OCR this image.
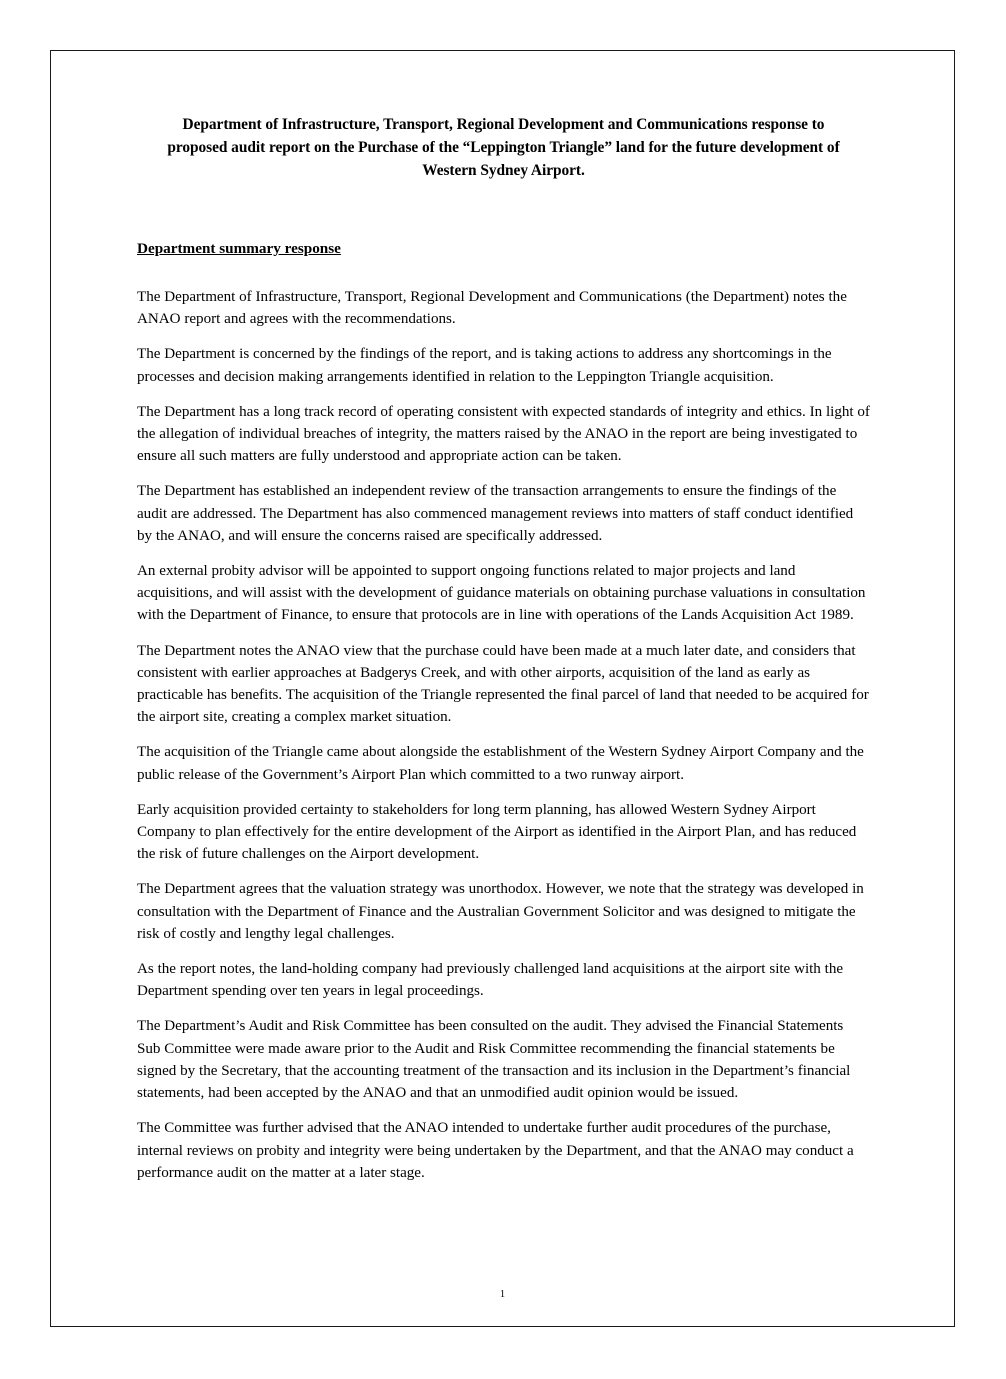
Department of Infrastructure, Transport, Regional Development and Communications response to proposed audit report on the Purchase of the “Leppington Triangle” land for the future development of Western Sydney Airport.
Department summary response

The Department of Infrastructure, Transport, Regional Development and Communications (the Department) notes the ANAO report and agrees with the recommendations.

The Department is concerned by the findings of the report, and is taking actions to address any shortcomings in the processes and decision making arrangements identified in relation to the Leppington Triangle acquisition.

The Department has a long track record of operating consistent with expected standards of integrity and ethics. In light of the allegation of individual breaches of integrity, the matters raised by the ANAO in the report are being investigated to ensure all such matters are fully understood and appropriate action can be taken.

The Department has established an independent review of the transaction arrangements to ensure the findings of the audit are addressed. The Department has also commenced management reviews into matters of staff conduct identified by the ANAO, and will ensure the concerns raised are specifically addressed.

An external probity advisor will be appointed to support ongoing functions related to major projects and land acquisitions, and will assist with the development of guidance materials on obtaining purchase valuations in consultation with the Department of Finance, to ensure that protocols are in line with operations of the Lands Acquisition Act 1989.

The Department notes the ANAO view that the purchase could have been made at a much later date, and considers that consistent with earlier approaches at Badgerys Creek, and with other airports, acquisition of the land as early as practicable has benefits. The acquisition of the Triangle represented the final parcel of land that needed to be acquired for the airport site, creating a complex market situation.

The acquisition of the Triangle came about alongside the establishment of the Western Sydney Airport Company and the public release of the Government’s Airport Plan which committed to a two runway airport.

Early acquisition provided certainty to stakeholders for long term planning, has allowed Western Sydney Airport Company to plan effectively for the entire development of the Airport as identified in the Airport Plan, and has reduced the risk of future challenges on the Airport development.

The Department agrees that the valuation strategy was unorthodox. However, we note that the strategy was developed in consultation with the Department of Finance and the Australian Government Solicitor and was designed to mitigate the risk of costly and lengthy legal challenges.

As the report notes, the land-holding company had previously challenged land acquisitions at the airport site with the Department spending over ten years in legal proceedings.

The Department’s Audit and Risk Committee has been consulted on the audit. They advised the Financial Statements Sub Committee were made aware prior to the Audit and Risk Committee recommending the financial statements be signed by the Secretary, that the accounting treatment of the transaction and its inclusion in the Department’s financial statements, had been accepted by the ANAO and that an unmodified audit opinion would be issued.

The Committee was further advised that the ANAO intended to undertake further audit procedures of the purchase, internal reviews on probity and integrity were being undertaken by the Department, and that the ANAO may conduct a performance audit on the matter at a later stage.

1
